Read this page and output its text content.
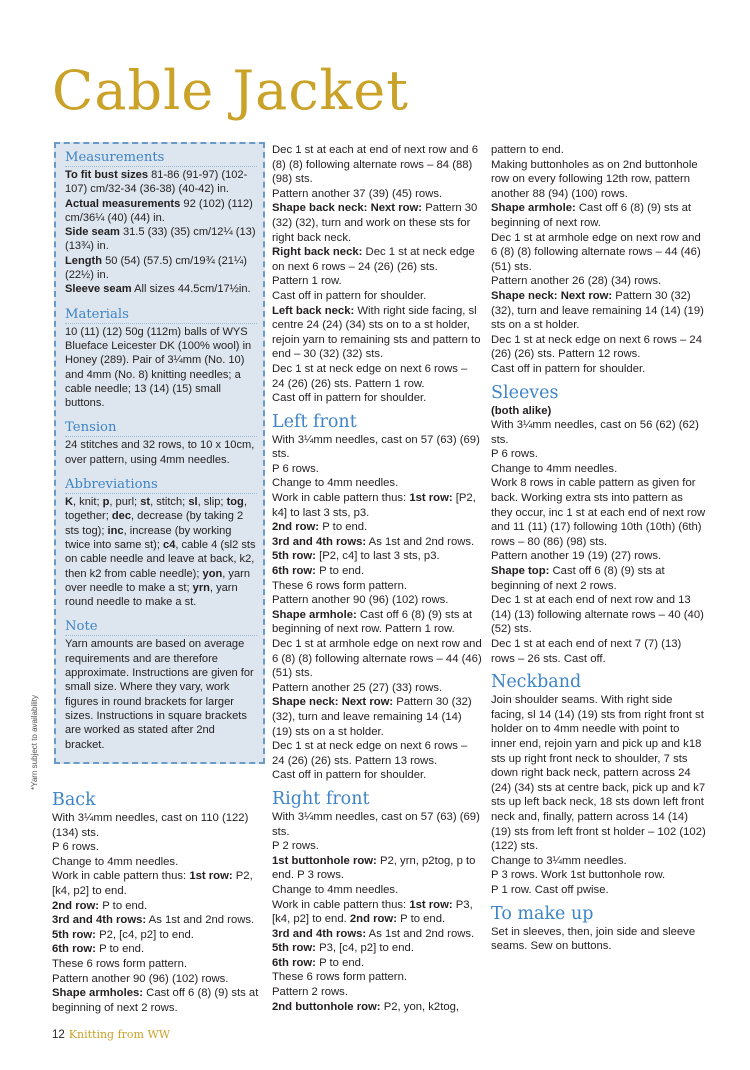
Cable Jacket
Measurements

To fit bust sizes 81-86 (91-97) (102-107) cm/32-34 (36-38) (40-42) in.

Actual measurements 92 (102) (112) cm/36¼ (40) (44) in.

Side seam 31.5 (33) (35) cm/12¼ (13) (13¾) in.

Length 50 (54) (57.5) cm/19¾ (21¼) (22½) in.

Sleeve seam All sizes 44.5cm/17½in.

Materials

10 (11) (12) 50g (112m) balls of WYS Blueface Leicester DK (100% wool) in Honey (289). Pair of 3¼mm (No. 10) and 4mm (No. 8) knitting needles; a cable needle; 13 (14) (15) small buttons.

Tension

24 stitches and 32 rows, to 10 x 10cm, over pattern, using 4mm needles.

Abbreviations

K, knit; p, purl; st, stitch; sl, slip; tog, together; dec, decrease (by taking 2 sts tog); inc, increase (by working twice into same st); c4, cable 4 (sl2 sts on cable needle and leave at back, k2, then k2 from cable needle); yon, yarn over needle to make a st; yrn, yarn round needle to make a st.

Note

Yarn amounts are based on average requirements and are therefore approximate. Instructions are given for small size. Where they vary, work figures in round brackets for larger sizes. Instructions in square brackets are worked as stated after 2nd bracket.

*Yarn subject to availability
Back

With 3¼mm needles, cast on 110 (122) (134) sts.

P 6 rows.

Change to 4mm needles.

Work in cable pattern thus: 1st row: P2, [k4, p2] to end.

2nd row: P to end.

3rd and 4th rows: As 1st and 2nd rows.

5th row: P2, [c4, p2] to end.

6th row: P to end.

These 6 rows form pattern.

Pattern another 90 (96) (102) rows.

Shape armholes: Cast off 6 (8) (9) sts at beginning of next 2 rows.

Dec 1 st at each at end of next row and 6 (8) (8) following alternate rows – 84 (88) (98) sts.

Pattern another 37 (39) (45) rows.

Shape back neck: Next row: Pattern 30 (32) (32), turn and work on these sts for right back neck.

Right back neck: Dec 1 st at neck edge on next 6 rows – 24 (26) (26) sts.

Pattern 1 row.

Cast off in pattern for shoulder.

Left back neck: With right side facing, sl centre 24 (24) (34) sts on to a st holder, rejoin yarn to remaining sts and pattern to end – 30 (32) (32) sts.

Dec 1 st at neck edge on next 6 rows – 24 (26) (26) sts. Pattern 1 row.

Cast off in pattern for shoulder.

Left front

With 3¼mm needles, cast on 57 (63) (69) sts.

P 6 rows.

Change to 4mm needles.

Work in cable pattern thus: 1st row: [P2, k4] to last 3 sts, p3.

2nd row: P to end.

3rd and 4th rows: As 1st and 2nd rows.

5th row: [P2, c4] to last 3 sts, p3.

6th row: P to end.

These 6 rows form pattern.

Pattern another 90 (96) (102) rows.

Shape armhole: Cast off 6 (8) (9) sts at beginning of next row. Pattern 1 row.

Dec 1 st at armhole edge on next row and 6 (8) (8) following alternate rows – 44 (46) (51) sts.

Pattern another 25 (27) (33) rows.

Shape neck: Next row: Pattern 30 (32) (32), turn and leave remaining 14 (14) (19) sts on a st holder.

Dec 1 st at neck edge on next 6 rows – 24 (26) (26) sts. Pattern 13 rows.

Cast off in pattern for shoulder.

Right front

With 3¼mm needles, cast on 57 (63) (69) sts.

P 2 rows.

1st buttonhole row: P2, yrn, p2tog, p to end. P 3 rows.

Change to 4mm needles.

Work in cable pattern thus: 1st row: P3, [k4, p2] to end. 2nd row: P to end.

3rd and 4th rows: As 1st and 2nd rows.

5th row: P3, [c4, p2] to end.

6th row: P to end.

These 6 rows form pattern.

Pattern 2 rows.

2nd buttonhole row: P2, yon, k2tog,

pattern to end.

Making buttonholes as on 2nd buttonhole row on every following 12th row, pattern another 88 (94) (100) rows.

Shape armhole: Cast off 6 (8) (9) sts at beginning of next row.

Dec 1 st at armhole edge on next row and 6 (8) (8) following alternate rows – 44 (46) (51) sts.

Pattern another 26 (28) (34) rows.

Shape neck: Next row: Pattern 30 (32) (32), turn and leave remaining 14 (14) (19) sts on a st holder.

Dec 1 st at neck edge on next 6 rows – 24 (26) (26) sts. Pattern 12 rows.

Cast off in pattern for shoulder.

Sleeves

(both alike)

With 3¼mm needles, cast on 56 (62) (62) sts.

P 6 rows.

Change to 4mm needles.

Work 8 rows in cable pattern as given for back. Working extra sts into pattern as they occur, inc 1 st at each end of next row and 11 (11) (17) following 10th (10th) (6th) rows – 80 (86) (98) sts.

Pattern another 19 (19) (27) rows.

Shape top: Cast off 6 (8) (9) sts at beginning of next 2 rows.

Dec 1 st at each end of next row and 13 (14) (13) following alternate rows – 40 (40) (52) sts.

Dec 1 st at each end of next 7 (7) (13) rows – 26 sts. Cast off.

Neckband

Join shoulder seams. With right side facing, sl 14 (14) (19) sts from right front st holder on to 4mm needle with point to inner end, rejoin yarn and pick up and k18 sts up right front neck to shoulder, 7 sts down right back neck, pattern across 24 (24) (34) sts at centre back, pick up and k7 sts up left back neck, 18 sts down left front neck and, finally, pattern across 14 (14) (19) sts from left front st holder – 102 (102) (122) sts.

Change to 3¼mm needles.

P 3 rows. Work 1st buttonhole row.

P 1 row. Cast off pwise.

To make up

Set in sleeves, then, join side and sleeve seams. Sew on buttons.

12 Knitting from WW
